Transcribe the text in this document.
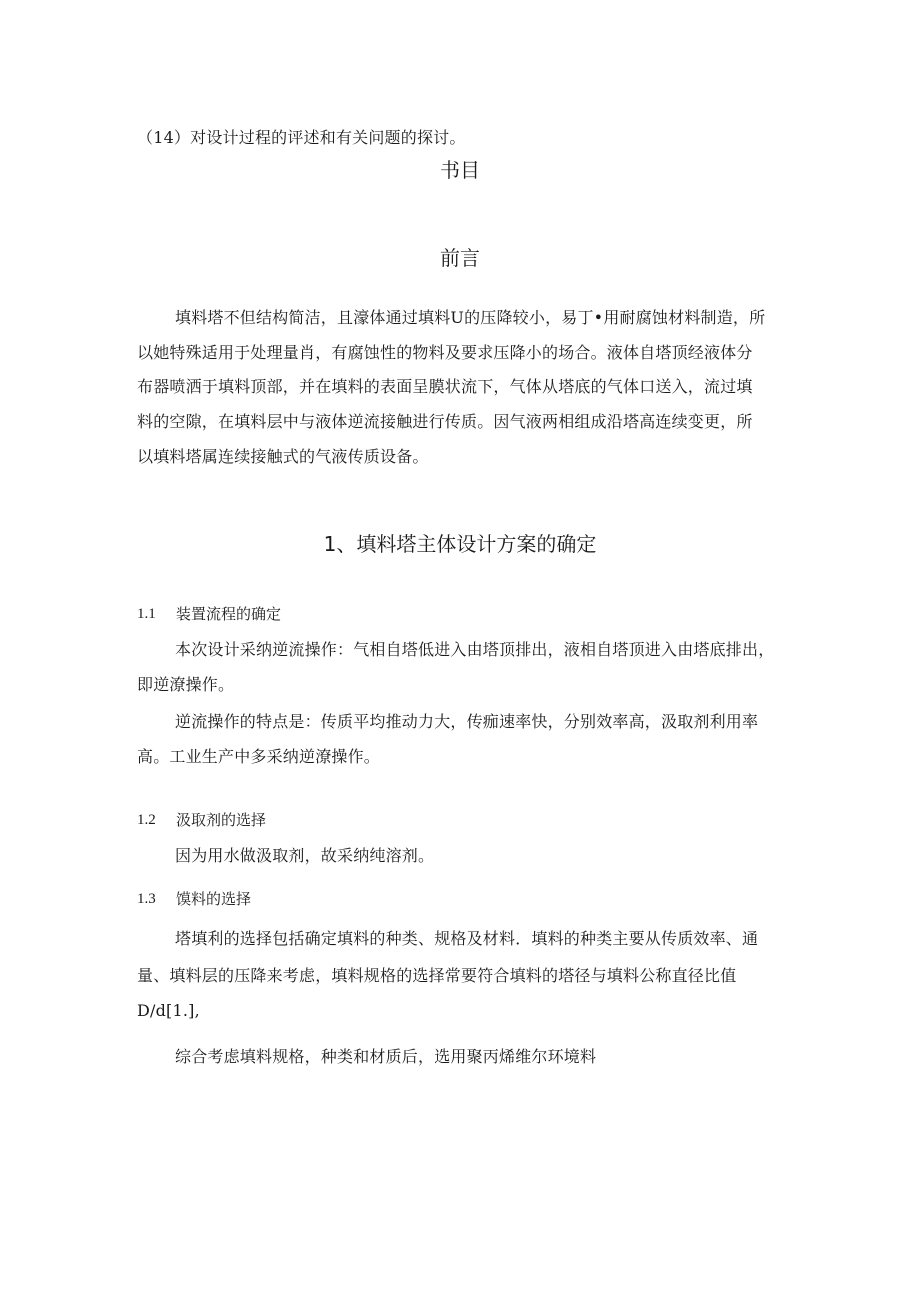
（14）对设计过程的评述和有关问题的探讨。
书目
前言
填料塔不但结构简洁，且濠体通过填料U的压降较小，易丁•用耐腐蚀材料制造，所
以她特殊适用于处理量肖，有腐蚀性的物料及要求压降小的场合。液体自塔顶经液体分
布器喷洒于填料顶部，并在填料的表面呈膜状流下，气体从塔底的气体口送入，流过填
料的空隙，在填料层中与液体逆流接触进行传质。因气液两相组成沿塔高连续变更，所
以填料塔属连续接触式的气液传质设备。
1、填料塔主体设计方案的确定
1.1 装置流程的确定
本次设计采纳逆流操作：气相自塔低进入由塔顶排出，液相自塔顶进入由塔底排出，
即逆潦操作。
逆流操作的特点是：传质平均推动力大，传痂速率快，分别效率高，汲取剂利用率
高。工业生产中多采纳逆潦操作。
1.2 汲取剂的选择
因为用水做汲取剂，故采纳纯溶剂。
1.3 馍料的选择
塔填利的选择包括确定填料的种类、规格及材料．填料的种类主要从传质效率、通
量、填料层的压降来考虑，填料规格的选择常要符合填料的塔径与填料公称直径比值
D/d[1.],
综合考虑填料规格，种类和材质后，选用聚丙烯维尔环境料
